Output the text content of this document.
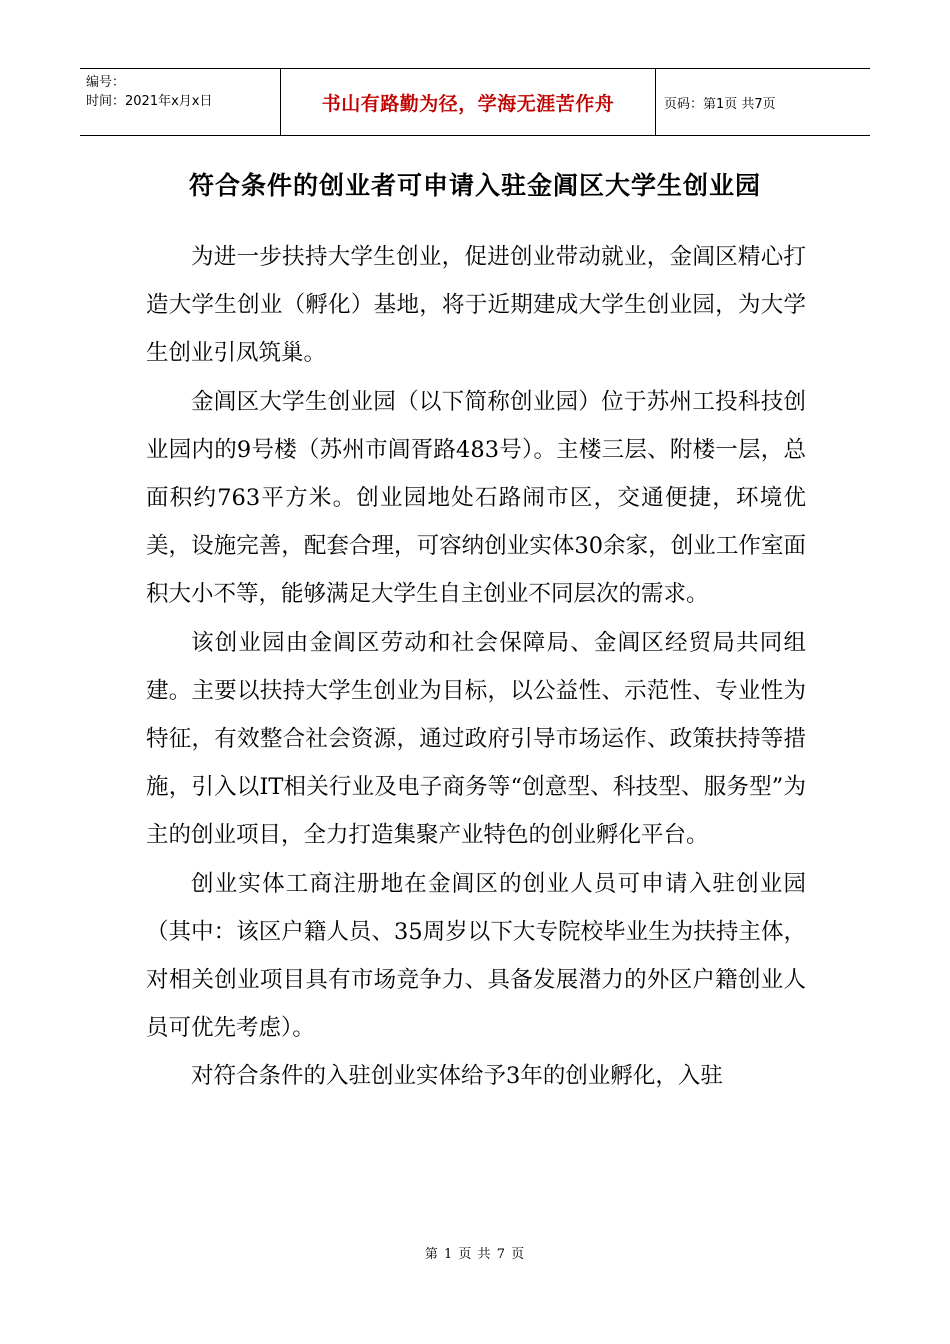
编号：
时间：2021年x月x日	书山有路勤为径，学海无涯苦作舟	页码：第1页 共7页
符合条件的创业者可申请入驻金阊区大学生创业园

为进一步扶持大学生创业，促进创业带动就业，金阊区精心打造大学生创业（孵化）基地，将于近期建成大学生创业园，为大学生创业引凤筑巢。

金阊区大学生创业园（以下简称创业园）位于苏州工投科技创业园内的9号楼（苏州市阊胥路483号）。主楼三层、附楼一层，总面积约763平方米。创业园地处石路闹市区，交通便捷，环境优美，设施完善，配套合理，可容纳创业实体30余家，创业工作室面积大小不等，能够满足大学生自主创业不同层次的需求。

该创业园由金阊区劳动和社会保障局、金阊区经贸局共同组建。主要以扶持大学生创业为目标，以公益性、示范性、专业性为特征，有效整合社会资源，通过政府引导市场运作、政策扶持等措施，引入以IT相关行业及电子商务等“创意型、科技型、服务型”为主的创业项目，全力打造集聚产业特色的创业孵化平台。

创业实体工商注册地在金阊区的创业人员可申请入驻创业园（其中：该区户籍人员、35周岁以下大专院校毕业生为扶持主体，对相关创业项目具有市场竞争力、具备发展潜力的外区户籍创业人员可优先考虑）。

对符合条件的入驻创业实体给予3年的创业孵化，入驻

第 1 页 共 7 页
